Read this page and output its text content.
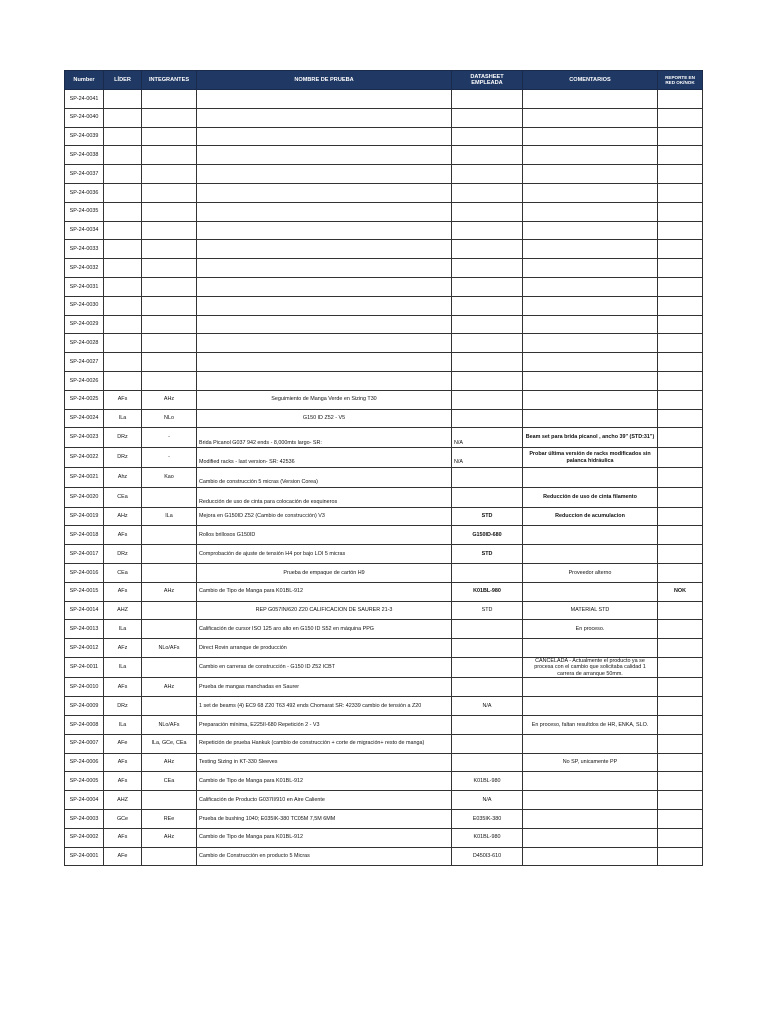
Number	LÍDER	INTEGRANTES	NOMBRE DE PRUEBA	DATASHEET EMPLEADA	COMENTARIOS	REPORTE EN RED OK/NOK
SP-24-0041						
SP-24-0040						
SP-24-0039						
SP-24-0038						
SP-24-0037						
SP-24-0036						
SP-24-0035						
SP-24-0034						
SP-24-0033						
SP-24-0032						
SP-24-0031						
SP-24-0030						
SP-24-0029						
SP-24-0028						
SP-24-0027						
SP-24-0026						
SP-24-0025	AFs	AHz	Seguimiento de Manga Verde en Sizing T30			
SP-24-0024	ILa	NLo	G150 ID Z52 - V5			
SP-24-0023	DRz	-	Brida Picanol G037 942 ends - 8,000mts largo- SR:	N/A	Beam set para brida picanol , ancho 39" (STD:31")	
SP-24-0022	DRz	-	Modified racks - last version- SR: 42536	N/A	Probar última versión de racks modificados sin palanca hidráulica	
SP-24-0021	Ahz	Kao	Cambio de construcción 5 micras (Version Corea)			
SP-24-0020	CEa		Reducción de uso de cinta para colocación de esquineros		Reducción de uso de cinta filamento	
SP-24-0019	AHz	ILa	Mejora en G150ID Z52 (Cambio de construcción) V3	STD	Reduccion de acumulacion	
SP-24-0018	AFs		Rollos brillosos G150ID	G150ID-680		
SP-24-0017	DRz		Comprobación de ajuste de tensión H4 por bajo LOI 5 micras	STD		
SP-24-0016	CEa		Prueba de empaque de cartón H9		Proveedor alterno	
SP-24-0015	AFs	AHz	Cambio de Tipo de Manga para K01BL-912	K01BL-980		NOK
SP-24-0014	AHZ		REP G057IN/620 Z20 CALIFICACION DE SAURER 21-3	STD	MATERIAL STD	
SP-24-0013	ILa		Calificación de cursor ISO 125 aro alto en G150 ID S52 en máquina PPG		En proceso.	
SP-24-0012	AFz	NLo/AFs	Direct Rovin arranque de producción			
SP-24-0011	ILa		Cambio en carreras de construcción - G150 ID Z52 ICBT		CANCELADA - Actualmente el producto ya se procesa con el cambio que solicitaba calidad 1 carrera de arranque 50mm.	
SP-24-0010	AFs	AHz	Prueba de mangas manchadas en Saurer			
SP-24-0009	DRz		1 set de beams (4) EC9 68 Z20 T63 492 ends Chomarat SR: 42339 cambio de tensión a Z20	N/A		
SP-24-0008	ILa	NLo/AFs	Preparación mínima, E225II-680 Repetición 2 - V3		En proceso, faltan resultdos de HR, ENKA, SLO.	
SP-24-0007	AFe	ILa, GCe, CEa	Repetición de prueba Hankuk (cambio de construcción + corte de migración+ resto de manga)			
SP-24-0006	AFs	AHz	Testing Sizing in KT-330 Sleeves		No SP, unicamente PP	
SP-24-0005	AFs	CEa	Cambio de Tipo de Manga para K01BL-912	K01BL-980		
SP-24-0004	AHZ		Calificación de Producto G037II/910 en Aire Caliente	N/A		
SP-24-0003	GCe	REe	Prueba de bushing 1040; E035IK-380 TC05M 7,5M 6MM	E035IK-380		
SP-24-0002	AFs	AHz	Cambio de Tipo de Manga para K01BL-912	K01BL-980		
SP-24-0001	AFe		Cambio de Construcción en producto 5 Micras	D450I3-610		
